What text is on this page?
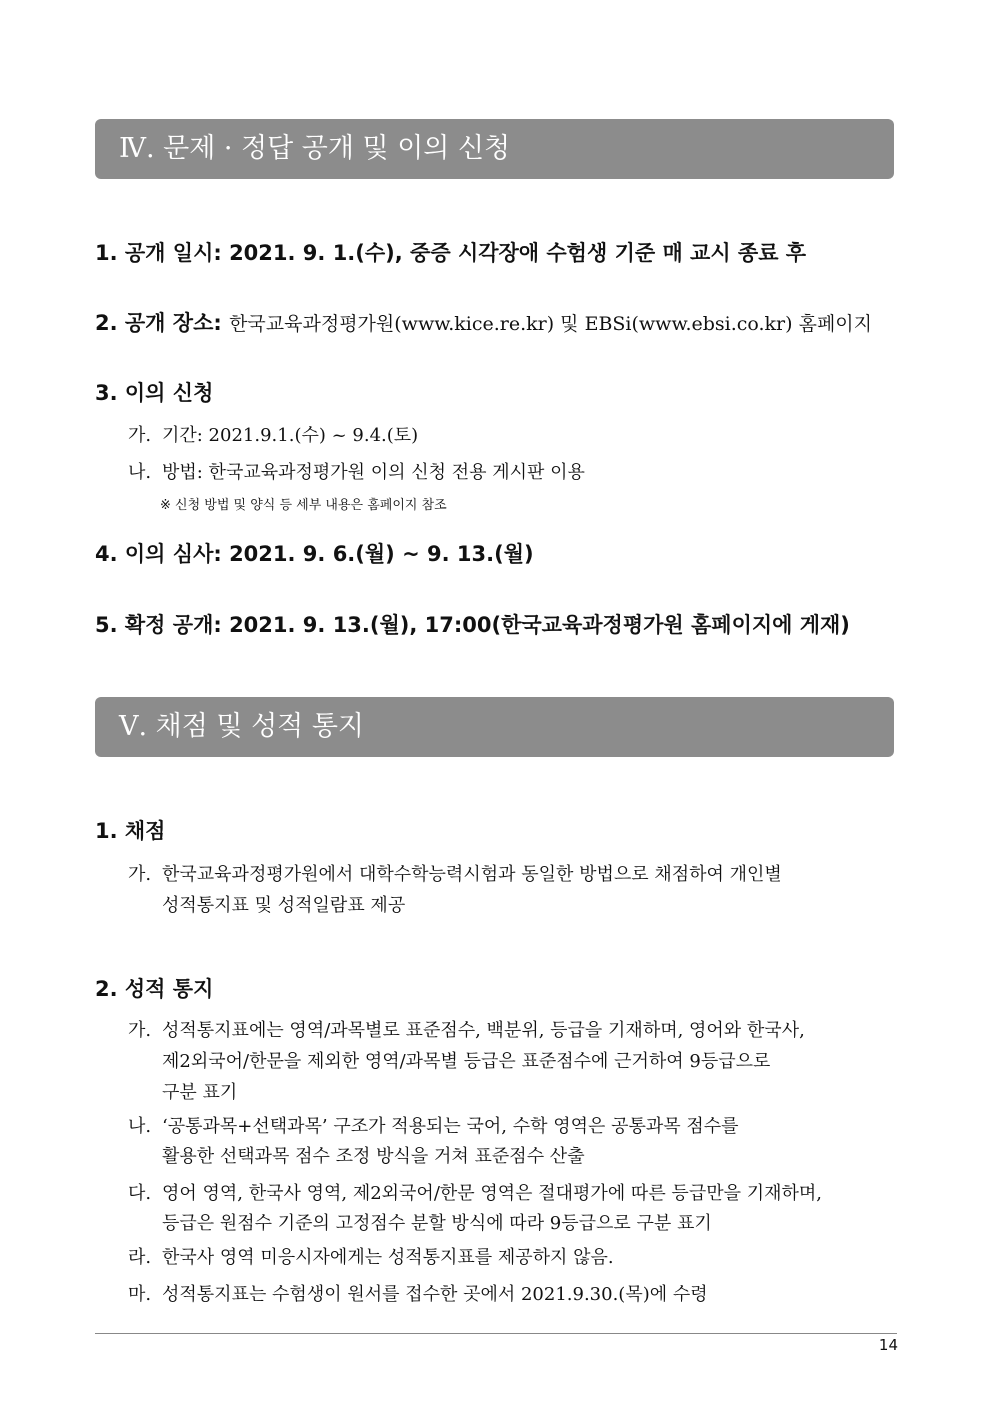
Ⅳ. 문제 · 정답 공개 및 이의 신청
1. 공개 일시: 2021. 9. 1.(수), 중증 시각장애 수험생 기준 매 교시 종료 후
2. 공개 장소: 한국교육과정평가원(www.kice.re.kr) 및 EBSi(www.ebsi.co.kr) 홈페이지
3. 이의 신청
가. 기간: 2021.9.1.(수) ~ 9.4.(토)
나. 방법: 한국교육과정평가원 이의 신청 전용 게시판 이용
※ 신청 방법 및 양식 등 세부 내용은 홈페이지 참조
4. 이의 심사: 2021. 9. 6.(월) ~ 9. 13.(월)
5. 확정 공개: 2021. 9. 13.(월), 17:00(한국교육과정평가원 홈페이지에 게재)
Ⅴ. 채점 및 성적 통지
1. 채점
가. 한국교육과정평가원에서 대학수학능력시험과 동일한 방법으로 채점하여 개인별
성적통지표 및 성적일람표 제공
2. 성적 통지
가. 성적통지표에는 영역/과목별로 표준점수, 백분위, 등급을 기재하며, 영어와 한국사,
제2외국어/한문을 제외한 영역/과목별 등급은 표준점수에 근거하여 9등급으로
구분 표기
나. ‘공통과목+선택과목’ 구조가 적용되는 국어, 수학 영역은 공통과목 점수를
활용한 선택과목 점수 조정 방식을 거쳐 표준점수 산출
다. 영어 영역, 한국사 영역, 제2외국어/한문 영역은 절대평가에 따른 등급만을 기재하며,
등급은 원점수 기준의 고정점수 분할 방식에 따라 9등급으로 구분 표기
라. 한국사 영역 미응시자에게는 성적통지표를 제공하지 않음.
마. 성적통지표는 수험생이 원서를 접수한 곳에서 2021.9.30.(목)에 수령
14
